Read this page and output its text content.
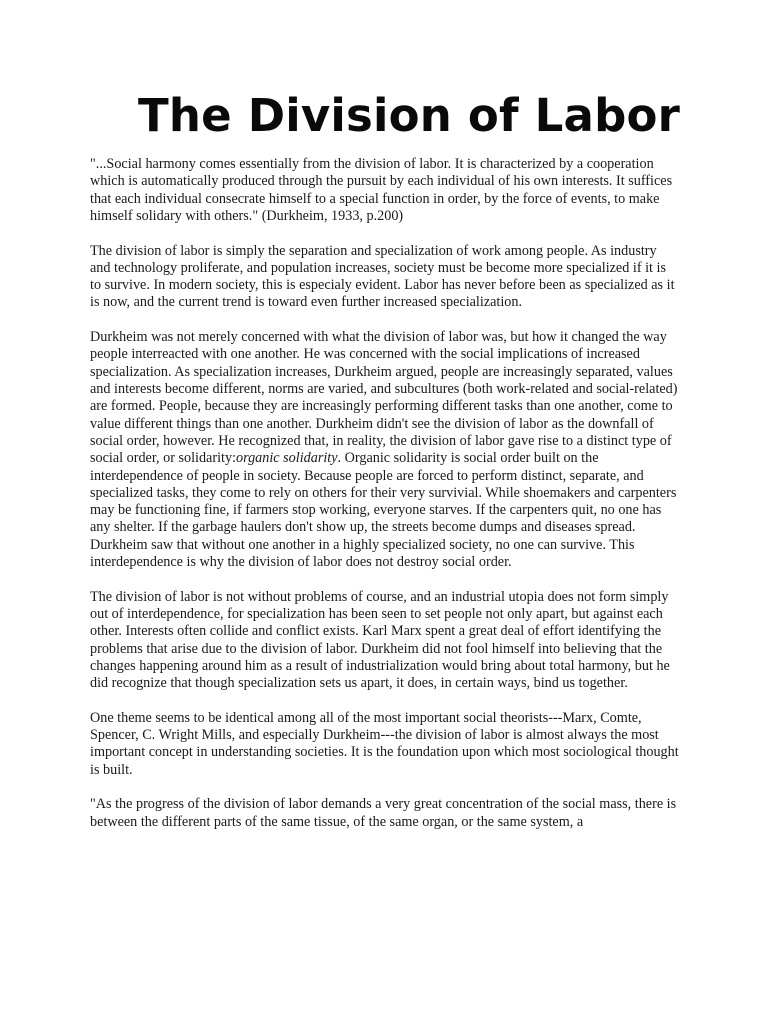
The Division of Labor

"...Social harmony comes essentially from the division of labor. It is characterized by a cooperation which is automatically produced through the pursuit by each individual of his own interests. It suffices that each individual consecrate himself to a special function in order, by the force of events, to make himself solidary with others." (Durkheim, 1933, p.200)

The division of labor is simply the separation and specialization of work among people. As industry and technology proliferate, and population increases, society must be become more specialized if it is to survive. In modern society, this is especialy evident. Labor has never before been as specialized as it is now, and the current trend is toward even further increased specialization.

Durkheim was not merely concerned with what the division of labor was, but how it changed the way people interreacted with one another. He was concerned with the social implications of increased specialization. As specialization increases, Durkheim argued, people are increasingly separated, values and interests become different, norms are varied, and subcultures (both work-related and social-related) are formed. People, because they are increasingly performing different tasks than one another, come to value different things than one another. Durkheim didn't see the division of labor as the downfall of social order, however. He recognized that, in reality, the division of labor gave rise to a distinct type of social order, or solidarity:organic solidarity. Organic solidarity is social order built on the interdependence of people in society. Because people are forced to perform distinct, separate, and specialized tasks, they come to rely on others for their very survivial. While shoemakers and carpenters may be functioning fine, if farmers stop working, everyone starves. If the carpenters quit, no one has any shelter. If the garbage haulers don't show up, the streets become dumps and diseases spread. Durkheim saw that without one another in a highly specialized society, no one can survive. This interdependence is why the division of labor does not destroy social order.

The division of labor is not without problems of course, and an industrial utopia does not form simply out of interdependence, for specialization has been seen to set people not only apart, but against each other. Interests often collide and conflict exists. Karl Marx spent a great deal of effort identifying the problems that arise due to the division of labor. Durkheim did not fool himself into believing that the changes happening around him as a result of industrialization would bring about total harmony, but he did recognize that though specialization sets us apart, it does, in certain ways, bind us together.

One theme seems to be identical among all of the most important social theorists---Marx, Comte, Spencer, C. Wright Mills, and especially Durkheim---the division of labor is almost always the most important concept in understanding societies. It is the foundation upon which most sociological thought is built.

"As the progress of the division of labor demands a very great concentration of the social mass, there is between the different parts of the same tissue, of the same organ, or the same system, a
